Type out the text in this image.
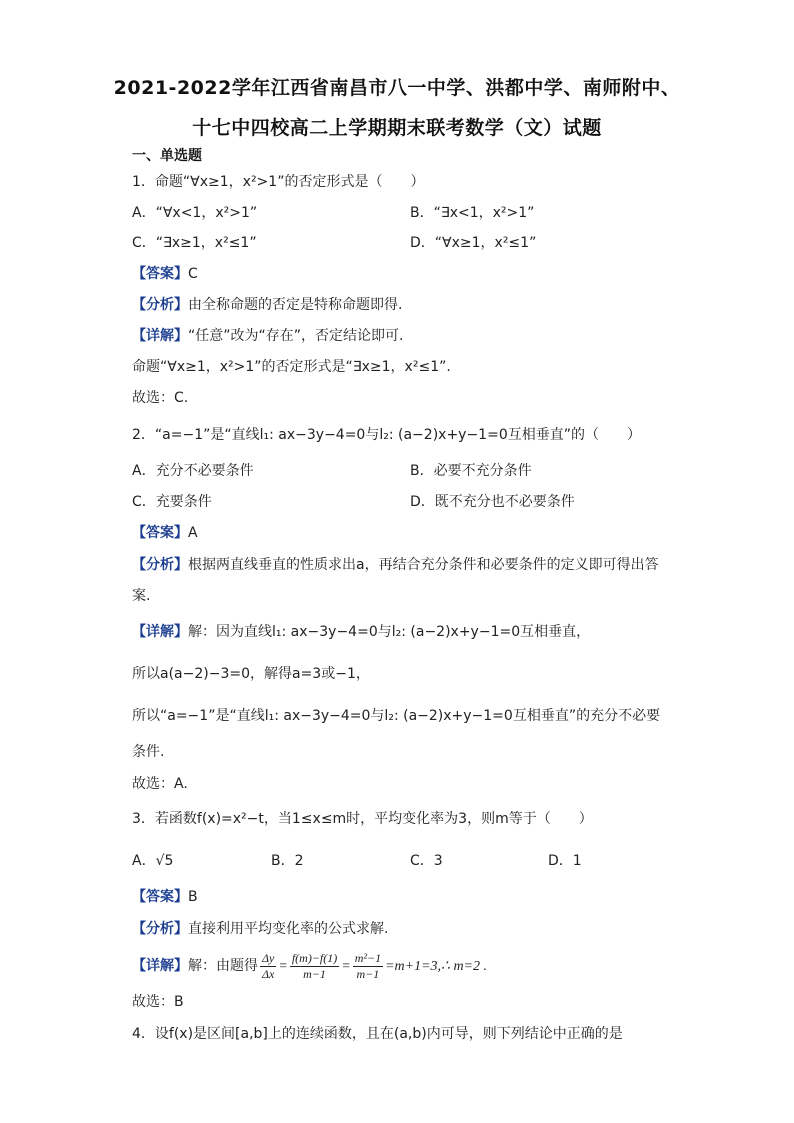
2021-2022学年江西省南昌市八一中学、洪都中学、南师附中、
十七中四校高二上学期期末联考数学（文）试题
一、单选题
1．命题“∀x≥1，x²>1”的否定形式是（　　）
A．“∀x<1，x²>1”	B．“∃x<1，x²>1”
C．“∃x≥1，x²≤1”	D．“∀x≥1，x²≤1”
【答案】C
【分析】由全称命题的否定是特称命题即得.
【详解】“任意”改为“存在”，否定结论即可.
命题“∀x≥1，x²>1”的否定形式是“∃x≥1，x²≤1”.
故选：C.
2．“a=−1”是“直线l₁: ax−3y−4=0与l₂: (a−2)x+y−1=0互相垂直”的（　　）
A．充分不必要条件	B．必要不充分条件
C．充要条件	D．既不充分也不必要条件
【答案】A
【分析】根据两直线垂直的性质求出a，再结合充分条件和必要条件的定义即可得出答
案.
【详解】解：因为直线l₁: ax−3y−4=0与l₂: (a−2)x+y−1=0互相垂直，
所以a(a−2)−3=0，解得a=3或−1，
所以“a=−1”是“直线l₁: ax−3y−4=0与l₂: (a−2)x+y−1=0互相垂直”的充分不必要
条件.
故选：A.
3．若函数f(x)=x²−t，当1≤x≤m时，平均变化率为3，则m等于（　　）
A．√5	B．2	C．3	D．1
【答案】B
【分析】直接利用平均变化率的公式求解.
【详解】解：由题得 $\frac{\Delta y}{\Delta x} = \frac{f(m)-f(1)}{m-1} = \frac{\text{m²−1}}{m-1}$ =m+1=3,∴ m=2 .
故选：B
4．设f(x)是区间[a,b]上的连续函数，且在(a,b)内可导，则下列结论中正确的是
